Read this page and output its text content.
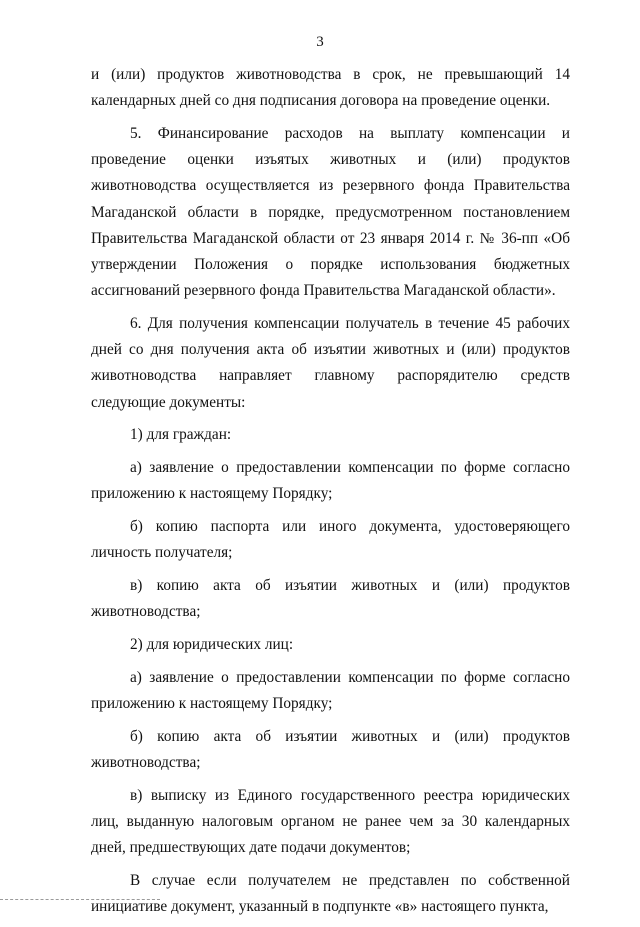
3

и (или) продуктов животноводства в срок, не превышающий 14 календарных дней со дня подписания договора на проведение оценки.

5. Финансирование расходов на выплату компенсации и проведение оценки изъятых животных и (или) продуктов животноводства осуществляется из резервного фонда Правительства Магаданской области в порядке, предусмотренном постановлением Правительства Магаданской области от 23 января 2014 г. № 36-пп «Об утверждении Положения о порядке использования бюджетных ассигнований резервного фонда Правительства Магаданской области».

6. Для получения компенсации получатель в течение 45 рабочих дней со дня получения акта об изъятии животных и (или) продуктов животноводства направляет главному распорядителю средств следующие документы:

1) для граждан:

а) заявление о предоставлении компенсации по форме согласно приложению к настоящему Порядку;

б) копию паспорта или иного документа, удостоверяющего личность получателя;

в) копию акта об изъятии животных и (или) продуктов животноводства;

2) для юридических лиц:

а) заявление о предоставлении компенсации по форме согласно приложению к настоящему Порядку;

б) копию акта об изъятии животных и (или) продуктов животноводства;

в) выписку из Единого государственного реестра юридических лиц, выданную налоговым органом не ранее чем за 30 календарных дней, предшествующих дате подачи документов;

В случае если получателем не представлен по собственной инициативе документ, указанный в подпункте «в» настоящего пункта,
